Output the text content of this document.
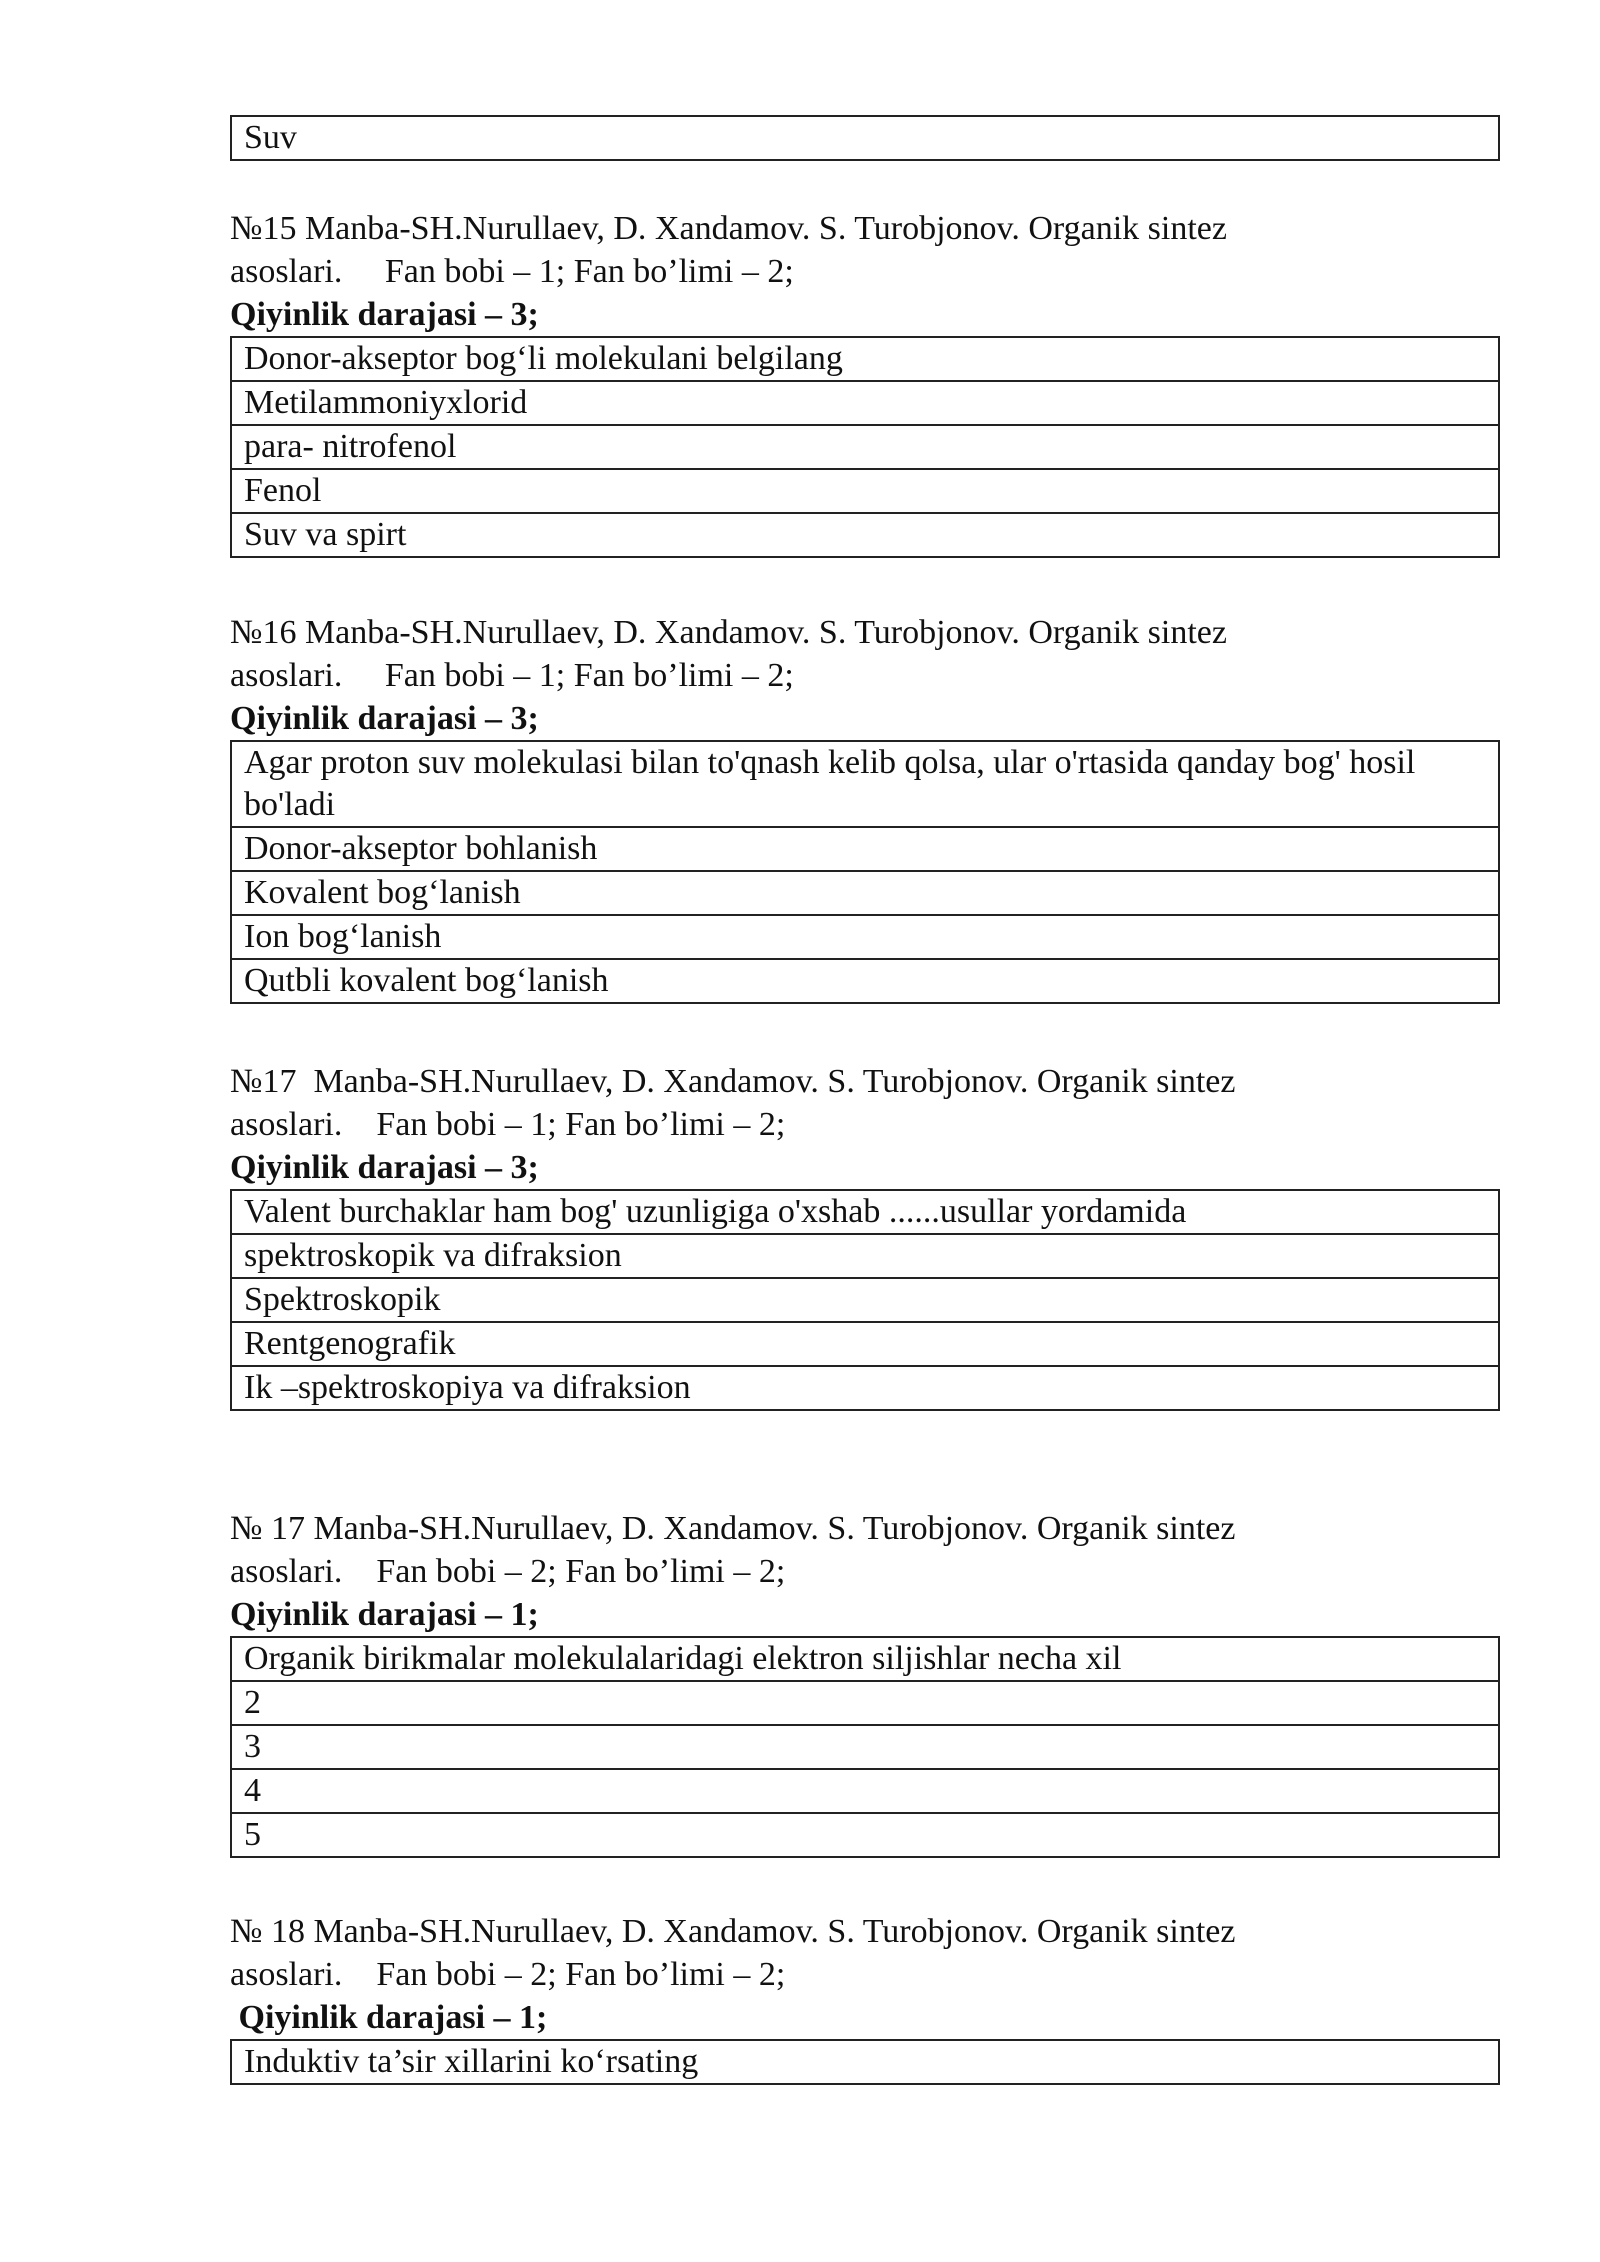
Suv

№15 Manba-SH.Nurullaev, D. Xandamov. S. Turobjonov. Organik sintez

asoslari.     Fan bobi – 1; Fan bo’limi – 2;

Qiyinlik darajasi – 3;

Donor-akseptor bog‘li molekulani belgilang
Metilammoniyxlorid
para- nitrofenol
Fenol
Suv va spirt

№16 Manba-SH.Nurullaev, D. Xandamov. S. Turobjonov. Organik sintez

asoslari.     Fan bobi – 1; Fan bo’limi – 2;

Qiyinlik darajasi – 3;

Agar proton suv molekulasi bilan to'qnash kelib qolsa, ular o'rtasida qanday bog' hosil bo'ladi
Donor-akseptor bohlanish
Kovalent bog‘lanish
Ion bog‘lanish
Qutbli kovalent bog‘lanish

№17  Manba-SH.Nurullaev, D. Xandamov. S. Turobjonov. Organik sintez

asoslari.    Fan bobi – 1; Fan bo’limi – 2;

Qiyinlik darajasi – 3;

Valent burchaklar ham bog' uzunligiga o'xshab ......usullar yordamida
spektroskopik va difraksion
Spektroskopik
Rentgenografik
Ik –spektroskopiya va difraksion

№ 17 Manba-SH.Nurullaev, D. Xandamov. S. Turobjonov. Organik sintez

asoslari.    Fan bobi – 2; Fan bo’limi – 2;

Qiyinlik darajasi – 1;

Organik birikmalar molekulalaridagi elektron siljishlar necha xil
2
3
4
5

№ 18 Manba-SH.Nurullaev, D. Xandamov. S. Turobjonov. Organik sintez

asoslari.    Fan bobi – 2; Fan bo’limi – 2;

Qiyinlik darajasi – 1;

Induktiv ta’sir xillarini ko‘rsating
